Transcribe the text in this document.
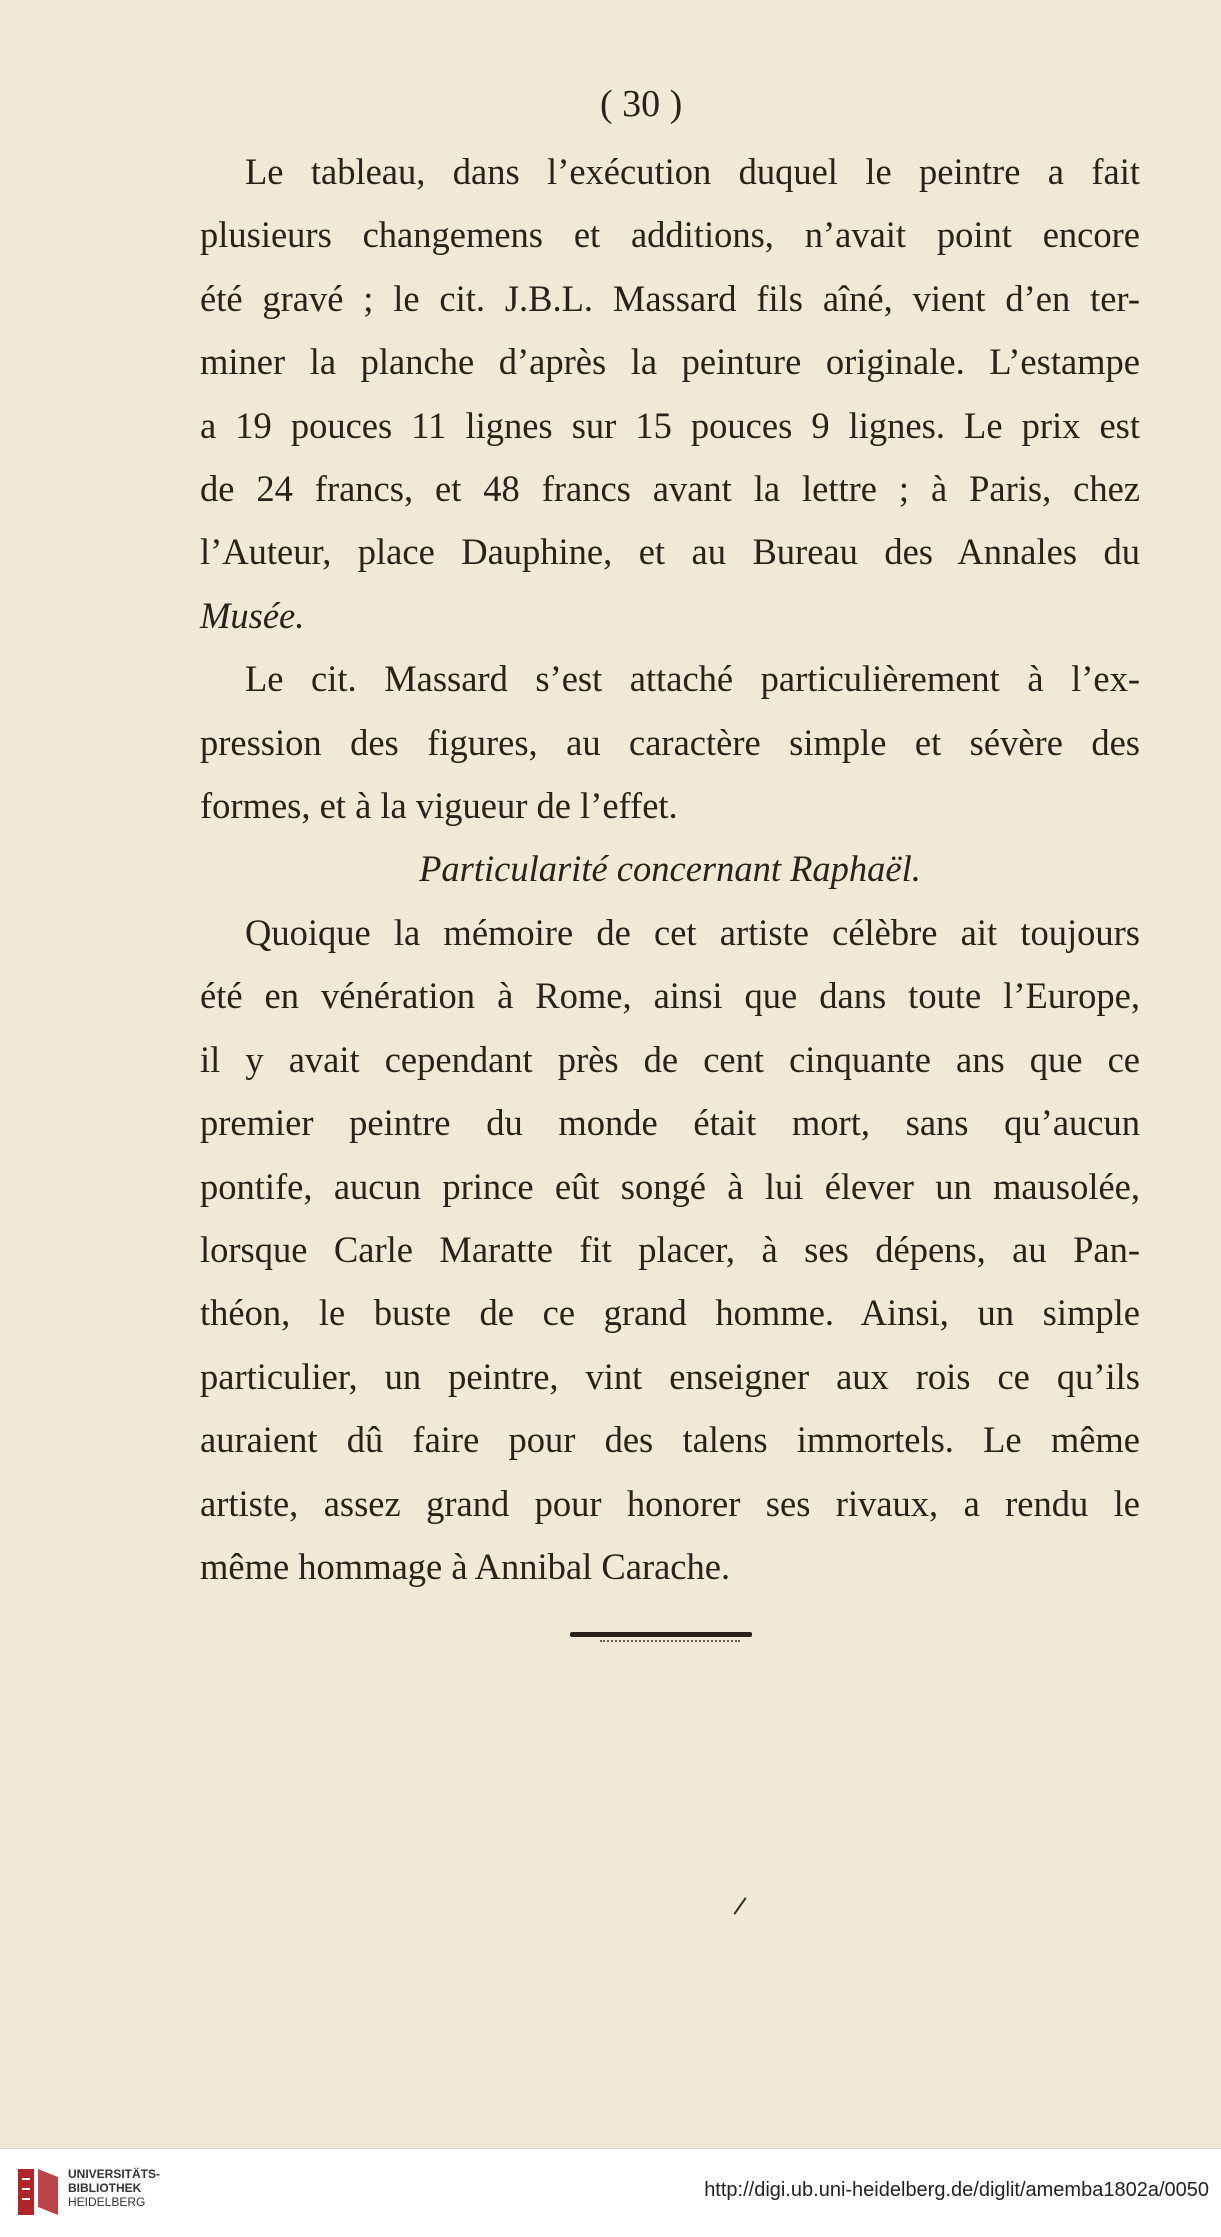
( 30 )
Le tableau, dans l’exécution duquel le peintre a fait
plusieurs changemens et additions, n’avait point encore
été gravé ; le cit. J.B.L. Massard fils aîné, vient d’en ter-
miner la planche d’après la peinture originale. L’estampe
a 19 pouces 11 lignes sur 15 pouces 9 lignes. Le prix est
de 24 francs, et 48 francs avant la lettre ; à Paris, chez
l’Auteur, place Dauphine, et au Bureau des Annales du
Musée.
Le cit. Massard s’est attaché particulièrement à l’ex-
pression des figures, au caractère simple et sévère des
formes, et à la vigueur de l’effet.
Particularité concernant Raphaël.
Quoique la mémoire de cet artiste célèbre ait toujours
été en vénération à Rome, ainsi que dans toute l’Europe,
il y avait cependant près de cent cinquante ans que ce
premier peintre du monde était mort, sans qu’aucun
pontife, aucun prince eût songé à lui élever un mausolée,
lorsque Carle Maratte fit placer, à ses dépens, au Pan-
théon, le buste de ce grand homme. Ainsi, un simple
particulier, un peintre, vint enseigner aux rois ce qu’ils
auraient dû faire pour des talens immortels. Le même
artiste, assez grand pour honorer ses rivaux, a rendu le
même hommage à Annibal Carache.
UNIVERSITÄTS-
BIBLIOTHEK
HEIDELBERG
http://digi.ub.uni-heidelberg.de/diglit/amemba1802a/0050
